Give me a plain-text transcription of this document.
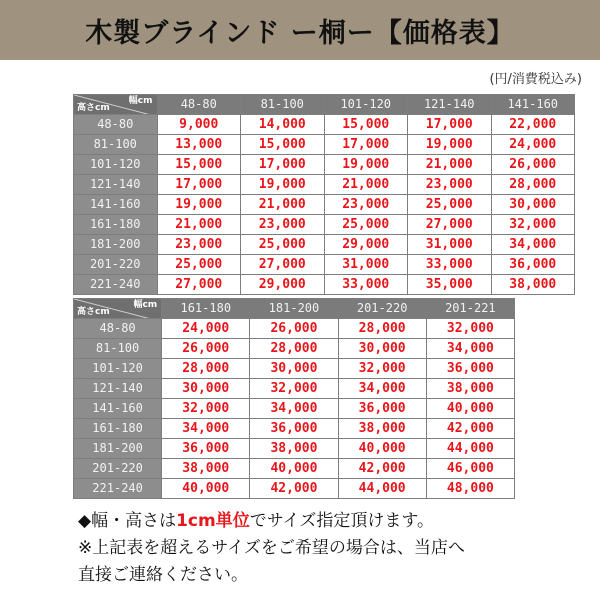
木製ブラインド ー桐ー【価格表】
(円/消費税込み)
幅cm
高さcm	48-80	81-100	101-120	121-140	141-160
48-80	9,000	14,000	15,000	17,000	22,000
81-100	13,000	15,000	17,000	19,000	24,000
101-120	15,000	17,000	19,000	21,000	26,000
121-140	17,000	19,000	21,000	23,000	28,000
141-160	19,000	21,000	23,000	25,000	30,000
161-180	21,000	23,000	25,000	27,000	32,000
181-200	23,000	25,000	29,000	31,000	34,000
201-220	25,000	27,000	31,000	33,000	36,000
221-240	27,000	29,000	33,000	35,000	38,000
幅cm
高さcm	161-180	181-200	201-220	201-221
48-80	24,000	26,000	28,000	32,000
81-100	26,000	28,000	30,000	34,000
101-120	28,000	30,000	32,000	36,000
121-140	30,000	32,000	34,000	38,000
141-160	32,000	34,000	36,000	40,000
161-180	34,000	36,000	38,000	42,000
181-200	36,000	38,000	40,000	44,000
201-220	38,000	40,000	42,000	46,000
221-240	40,000	42,000	44,000	48,000

◆幅・高さは1cm単位でサイズ指定頂けます。

※上記表を超えるサイズをご希望の場合は、当店へ

直接ご連絡ください。
